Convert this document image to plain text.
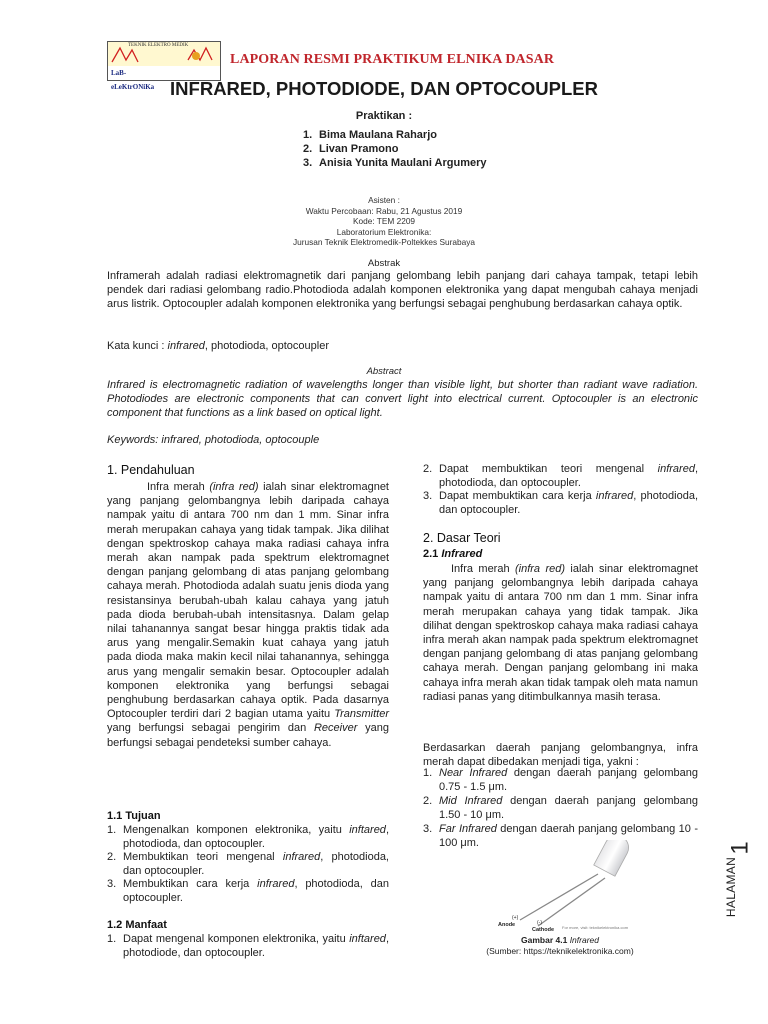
TEKNIK ELEKTRO MEDIK
LaB-eLeKtrONiKa
LAPORAN RESMI PRAKTIKUM ELNIKA DASAR
INFRARED, PHOTODIODE, DAN OPTOCOUPLER
Praktikan :
1. Bima Maulana Raharjo
2. Livan Pramono
3. Anisia Yunita Maulani Argumery
Asisten :
Waktu Percobaan: Rabu, 21 Agustus 2019
Kode: TEM 2209
Laboratorium Elektronika:
Jurusan Teknik Elektromedik-Poltekkes Surabaya
Abstrak
Inframerah adalah radiasi elektromagnetik dari panjang gelombang lebih panjang dari cahaya tampak, tetapi lebih pendek dari radiasi gelombang radio.Photodioda adalah komponen elektronika yang dapat mengubah cahaya menjadi arus listrik. Optocoupler adalah komponen elektronika yang berfungsi sebagai penghubung berdasarkan cahaya optik.
Kata kunci : infrared, photodioda, optocoupler
Abstract
Infrared is electromagnetic radiation of wavelengths longer than visible light, but shorter than radiant wave radiation. Photodiodes are electronic components that can convert light into electrical current. Optocoupler is an electronic component that functions as a link based on optical light.
Keywords: infrared, photodioda, optocouple
1. Pendahuluan
Infra merah (infra red) ialah sinar elektromagnet yang panjang gelombangnya lebih daripada cahaya nampak yaitu di antara 700 nm dan 1 mm. Sinar infra merah merupakan cahaya yang tidak tampak. Jika dilihat dengan spektroskop cahaya maka radiasi cahaya infra merah akan nampak pada spektrum elektromagnet dengan panjang gelombang di atas panjang gelombang cahaya merah. Photodioda adalah suatu jenis dioda yang resistansinya berubah-ubah kalau cahaya yang jatuh pada dioda berubah-ubah intensitasnya. Dalam gelap nilai tahanannya sangat besar hingga praktis tidak ada arus yang mengalir.Semakin kuat cahaya yang jatuh pada dioda maka makin kecil nilai tahanannya, sehingga arus yang mengalir semakin besar. Optocoupler adalah komponen elektronika yang berfungsi sebagai penghubung berdasarkan cahaya optik. Pada dasarnya Optocoupler terdiri dari 2 bagian utama yaitu Transmitter yang berfungsi sebagai pengirim dan Receiver yang berfungsi sebagai pendeteksi sumber cahaya.
1.1 Tujuan
1. Mengenalkan komponen elektronika, yaitu inftared, photodioda, dan optocoupler.
2. Membuktikan teori mengenal infrared, photodioda, dan optocoupler.
3. Membuktikan cara kerja infrared, photodioda, dan optocoupler.
1.2 Manfaat
1. Dapat mengenal komponen elektronika, yaitu inftared, photodiode, dan optocoupler.
2. Dapat membuktikan teori mengenal infrared, photodioda, dan optocoupler.
3. Dapat membuktikan cara kerja infrared, photodioda, dan optocoupler.
2. Dasar Teori
2.1 Infrared
Infra merah (infra red) ialah sinar elektromagnet yang panjang gelombangnya lebih daripada cahaya nampak yaitu di antara 700 nm dan 1 mm. Sinar infra merah merupakan cahaya yang tidak tampak. Jika dilihat dengan spektroskop cahaya maka radiasi cahaya infra merah akan nampak pada spektrum elektromagnet dengan panjang gelombang di atas panjang gelombang cahaya merah. Dengan panjang gelombang ini maka cahaya infra merah akan tidak tampak oleh mata namun radiasi panas yang ditimbulkannya masih terasa.
Berdasarkan daerah panjang gelombangnya, infra merah dapat dibedakan menjadi tiga, yakni :
1. Near Infrared dengan daerah panjang gelombang 0.75 - 1.5 μm.
2. Mid Infrared dengan daerah panjang gelombang 1.50 - 10 μm.
3. Far Infrared dengan daerah panjang gelombang 10 - 100 μm.
(+)
Anode	(-)
Cathode For more, visit: teknikelektronika.com
Gambar 4.1 Infrared
(Sumber: https://teknikelektronika.com)
HALAMAN
1
